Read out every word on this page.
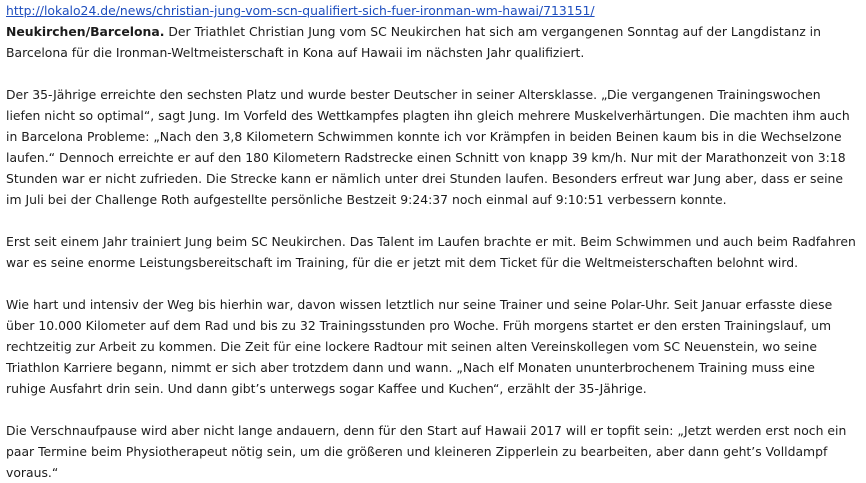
http://lokalo24.de/news/christian-jung-vom-scn-qualifiert-sich-fuer-ironman-wm-hawai/713151/
Neukirchen/Barcelona. Der Triathlet Christian Jung vom SC Neukirchen hat sich am vergangenen Sonntag auf der Langdistanz in
Barcelona für die Ironman-Weltmeisterschaft in Kona auf Hawaii im nächsten Jahr qualifiziert.
Der 35-Jährige erreichte den sechsten Platz und wurde bester Deutscher in seiner Altersklasse. „Die vergangenen Trainingswochen
liefen nicht so optimal“, sagt Jung. Im Vorfeld des Wettkampfes plagten ihn gleich mehrere Muskelverhärtungen. Die machten ihm auch
in Barcelona Probleme: „Nach den 3,8 Kilometern Schwimmen konnte ich vor Krämpfen in beiden Beinen kaum bis in die Wechselzone
laufen.“ Dennoch erreichte er auf den 180 Kilometern Radstrecke einen Schnitt von knapp 39 km/h. Nur mit der Marathonzeit von 3:18
Stunden war er nicht zufrieden. Die Strecke kann er nämlich unter drei Stunden laufen. Besonders erfreut war Jung aber, dass er seine
im Juli bei der Challenge Roth aufgestellte persönliche Bestzeit 9:24:37 noch einmal auf 9:10:51 verbessern konnte.
Erst seit einem Jahr trainiert Jung beim SC Neukirchen. Das Talent im Laufen brachte er mit. Beim Schwimmen und auch beim Radfahren
war es seine enorme Leistungsbereitschaft im Training, für die er jetzt mit dem Ticket für die Weltmeisterschaften belohnt wird.
Wie hart und intensiv der Weg bis hierhin war, davon wissen letztlich nur seine Trainer und seine Polar-Uhr. Seit Januar erfasste diese
über 10.000 Kilometer auf dem Rad und bis zu 32 Trainingsstunden pro Woche. Früh morgens startet er den ersten Trainingslauf, um
rechtzeitig zur Arbeit zu kommen. Die Zeit für eine lockere Radtour mit seinen alten Vereinskollegen vom SC Neuenstein, wo seine
Triathlon Karriere begann, nimmt er sich aber trotzdem dann und wann. „Nach elf Monaten ununterbrochenem Training muss eine
ruhige Ausfahrt drin sein. Und dann gibt’s unterwegs sogar Kaffee und Kuchen“, erzählt der 35-Jährige.
Die Verschnaufpause wird aber nicht lange andauern, denn für den Start auf Hawaii 2017 will er topfit sein: „Jetzt werden erst noch ein
paar Termine beim Physiotherapeut nötig sein, um die größeren und kleineren Zipperlein zu bearbeiten, aber dann geht’s Volldampf
voraus.“
